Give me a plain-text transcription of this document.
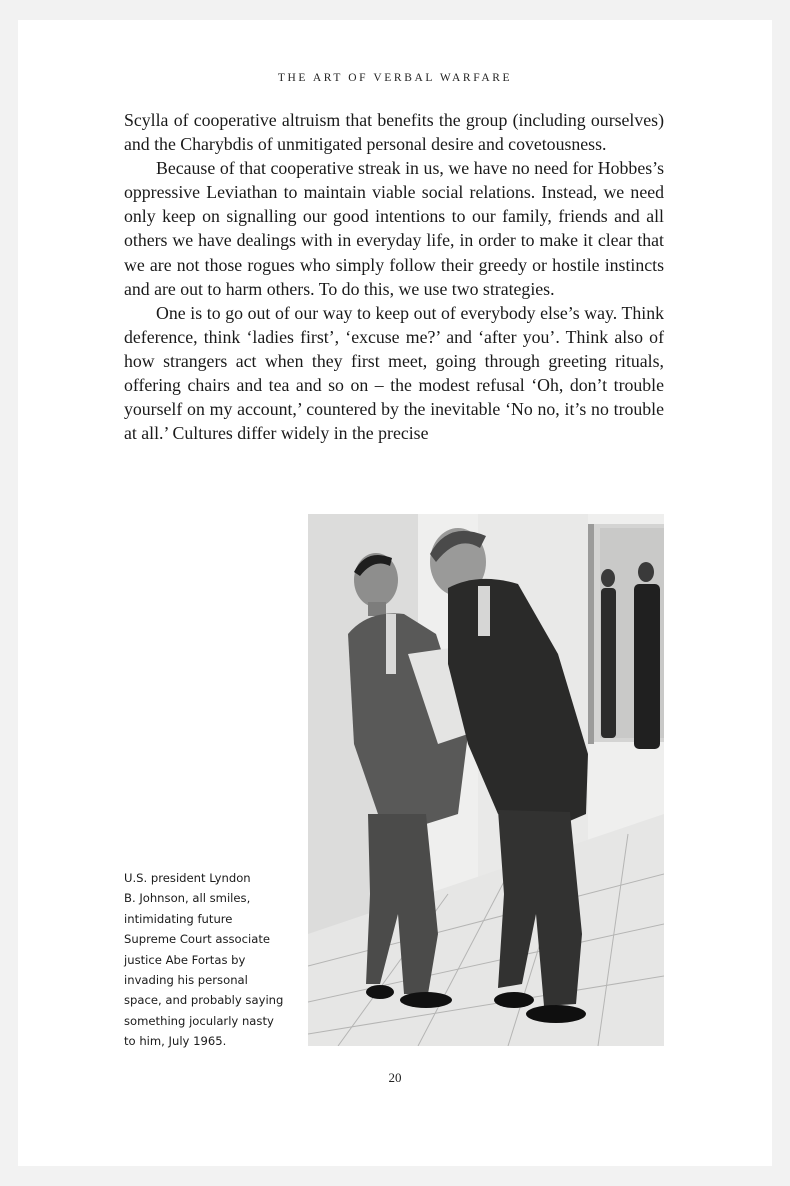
THE ART OF VERBAL WARFARE

Scylla of cooperative altruism that benefits the group (including ourselves) and the Charybdis of unmitigated personal desire and covetousness.

Because of that cooperative streak in us, we have no need for Hobbes’s oppressive Leviathan to maintain viable social relations. Instead, we need only keep on signalling our good intentions to our family, friends and all others we have dealings with in everyday life, in order to make it clear that we are not those rogues who simply follow their greedy or hostile instincts and are out to harm others. To do this, we use two strategies.

One is to go out of our way to keep out of everybody else’s way. Think deference, think ‘ladies first’, ‘excuse me?’ and ‘after you’. Think also of how strangers act when they first meet, going through greeting rituals, offering chairs and tea and so on – the modest refusal ‘Oh, don’t trouble yourself on my account,’ countered by the inevitable ‘No no, it’s no trouble at all.’ Cultures differ widely in the precise

U.S. president Lyndon
B. Johnson, all smiles,
intimidating future
Supreme Court associate
justice Abe Fortas by
invading his personal
space, and probably saying
something jocularly nasty
to him, July 1965.
20
